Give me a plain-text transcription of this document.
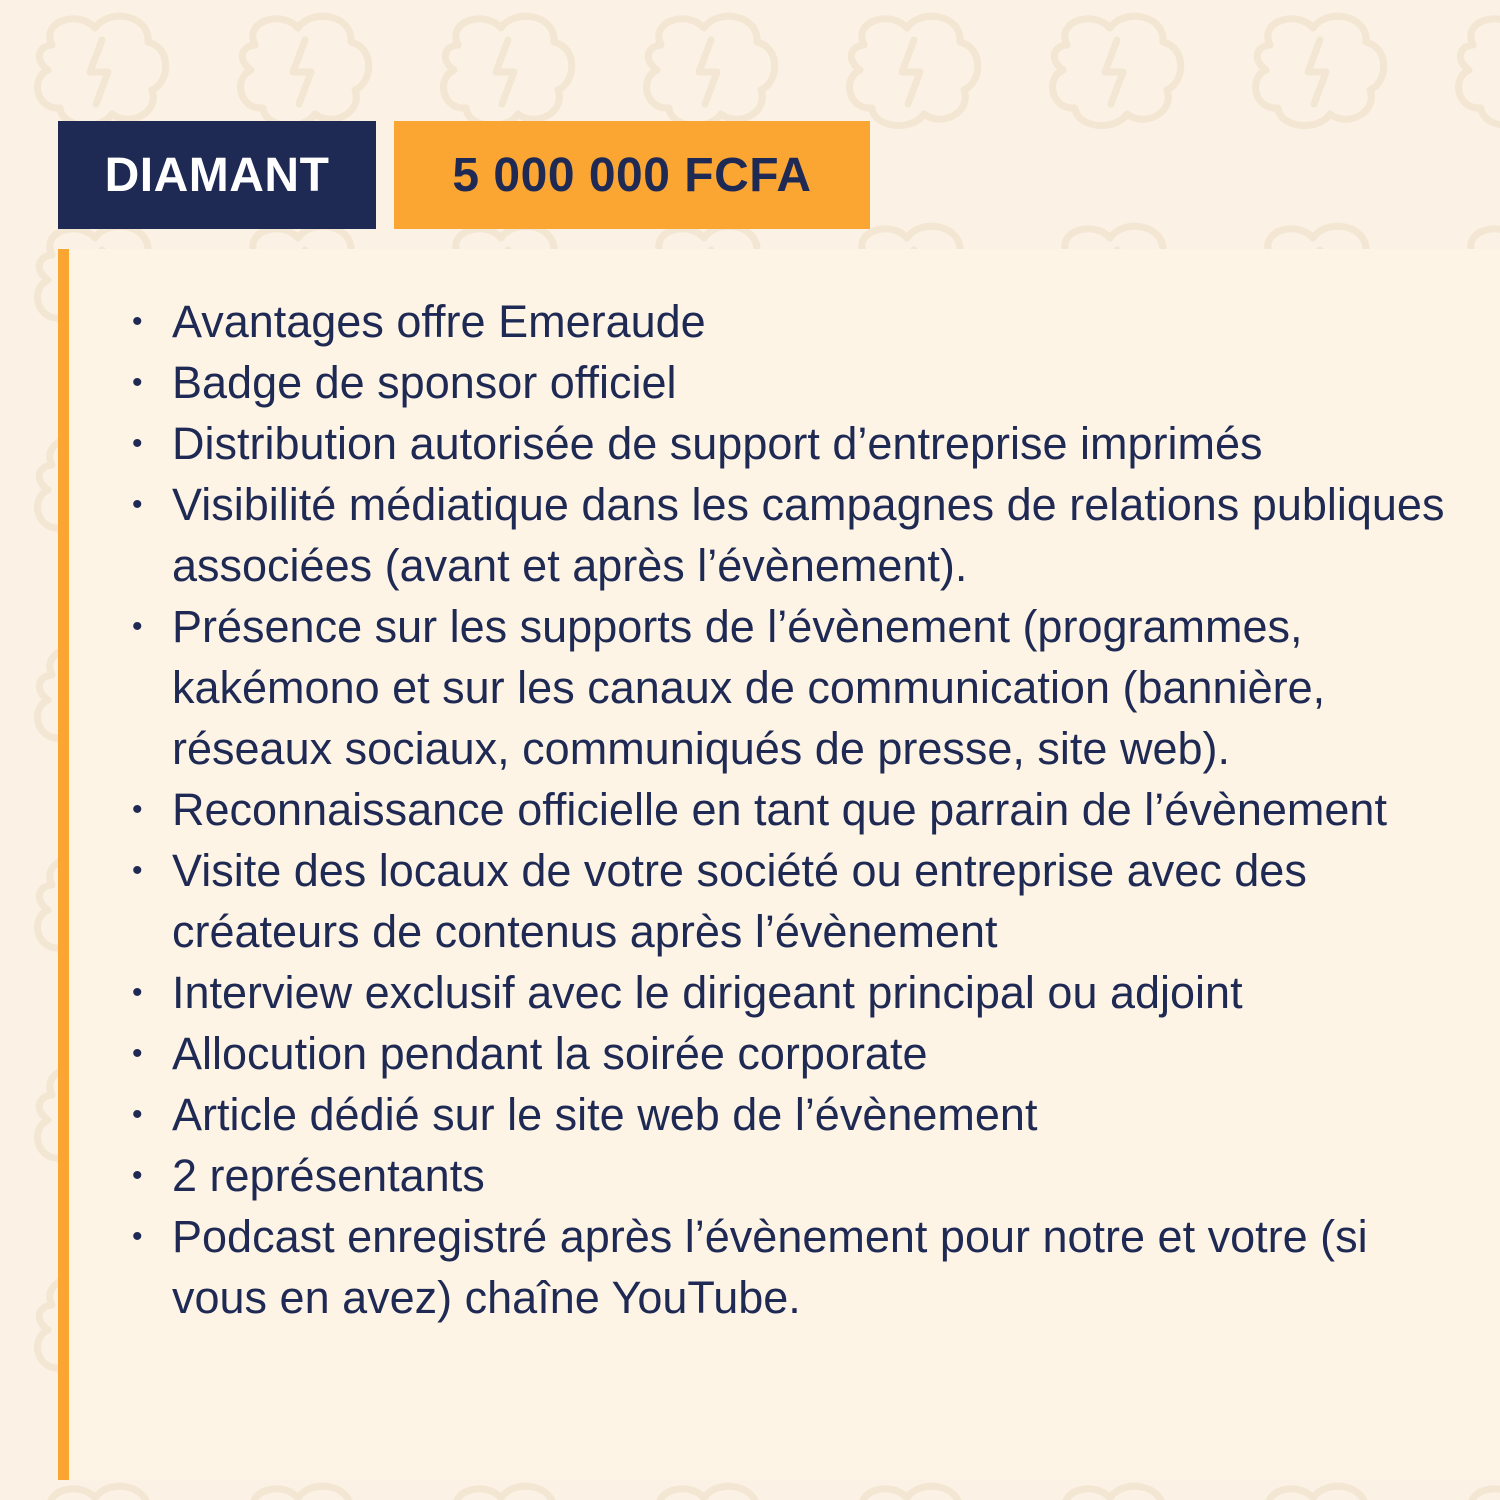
DIAMANT	5 000 000 FCFA
• Avantages offre Emeraude
• Badge de sponsor officiel
• Distribution autorisée de support d’entreprise imprimés
• Visibilité médiatique dans les campagnes de relations publiques associées (avant et après l’évènement).
• Présence sur les supports de l’évènement (programmes, kakémono et sur les canaux de communication (bannière, réseaux sociaux, communiqués de presse, site web).
• Reconnaissance officielle en tant que parrain de l’évènement
• Visite des locaux de votre société ou entreprise avec des créateurs de contenus après l’évènement
• Interview exclusif avec le dirigeant principal ou adjoint
• Allocution pendant la soirée corporate
• Article dédié sur le site web de l’évènement
• 2 représentants
• Podcast enregistré après l’évènement pour notre et votre (si vous en avez) chaîne YouTube.
